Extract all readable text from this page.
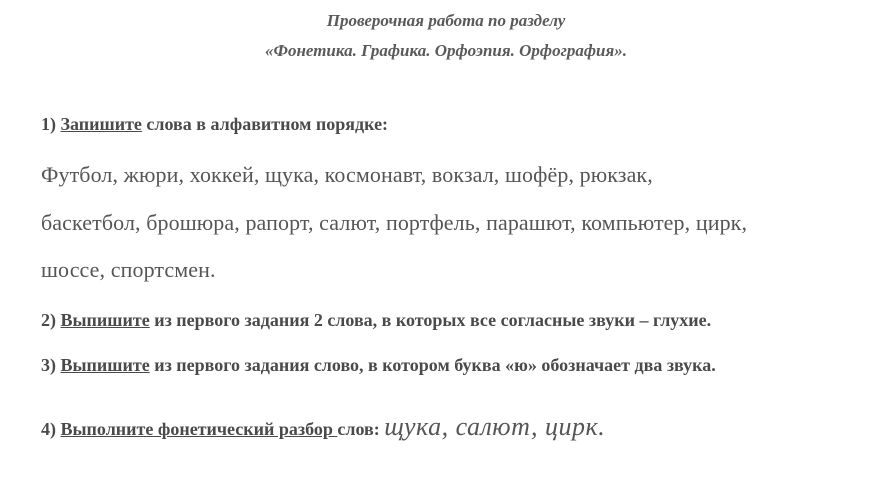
Проверочная работа по разделу
«Фонетика. Графика. Орфоэпия. Орфография».
1) Запишите слова в алфавитном порядке:
Футбол, жюри, хоккей, щука, космонавт, вокзал, шофёр, рюкзак,
баскетбол, брошюра, рапорт, салют, портфель, парашют, компьютер, цирк,
шоссе, спортсмен.
2) Выпишите из первого задания 2 слова, в которых все согласные звуки – глухие.
3) Выпишите из первого задания слово, в котором буква «ю» обозначает два звука.
4) Выполните фонетический разбор слов: щука, салют, цирк.
